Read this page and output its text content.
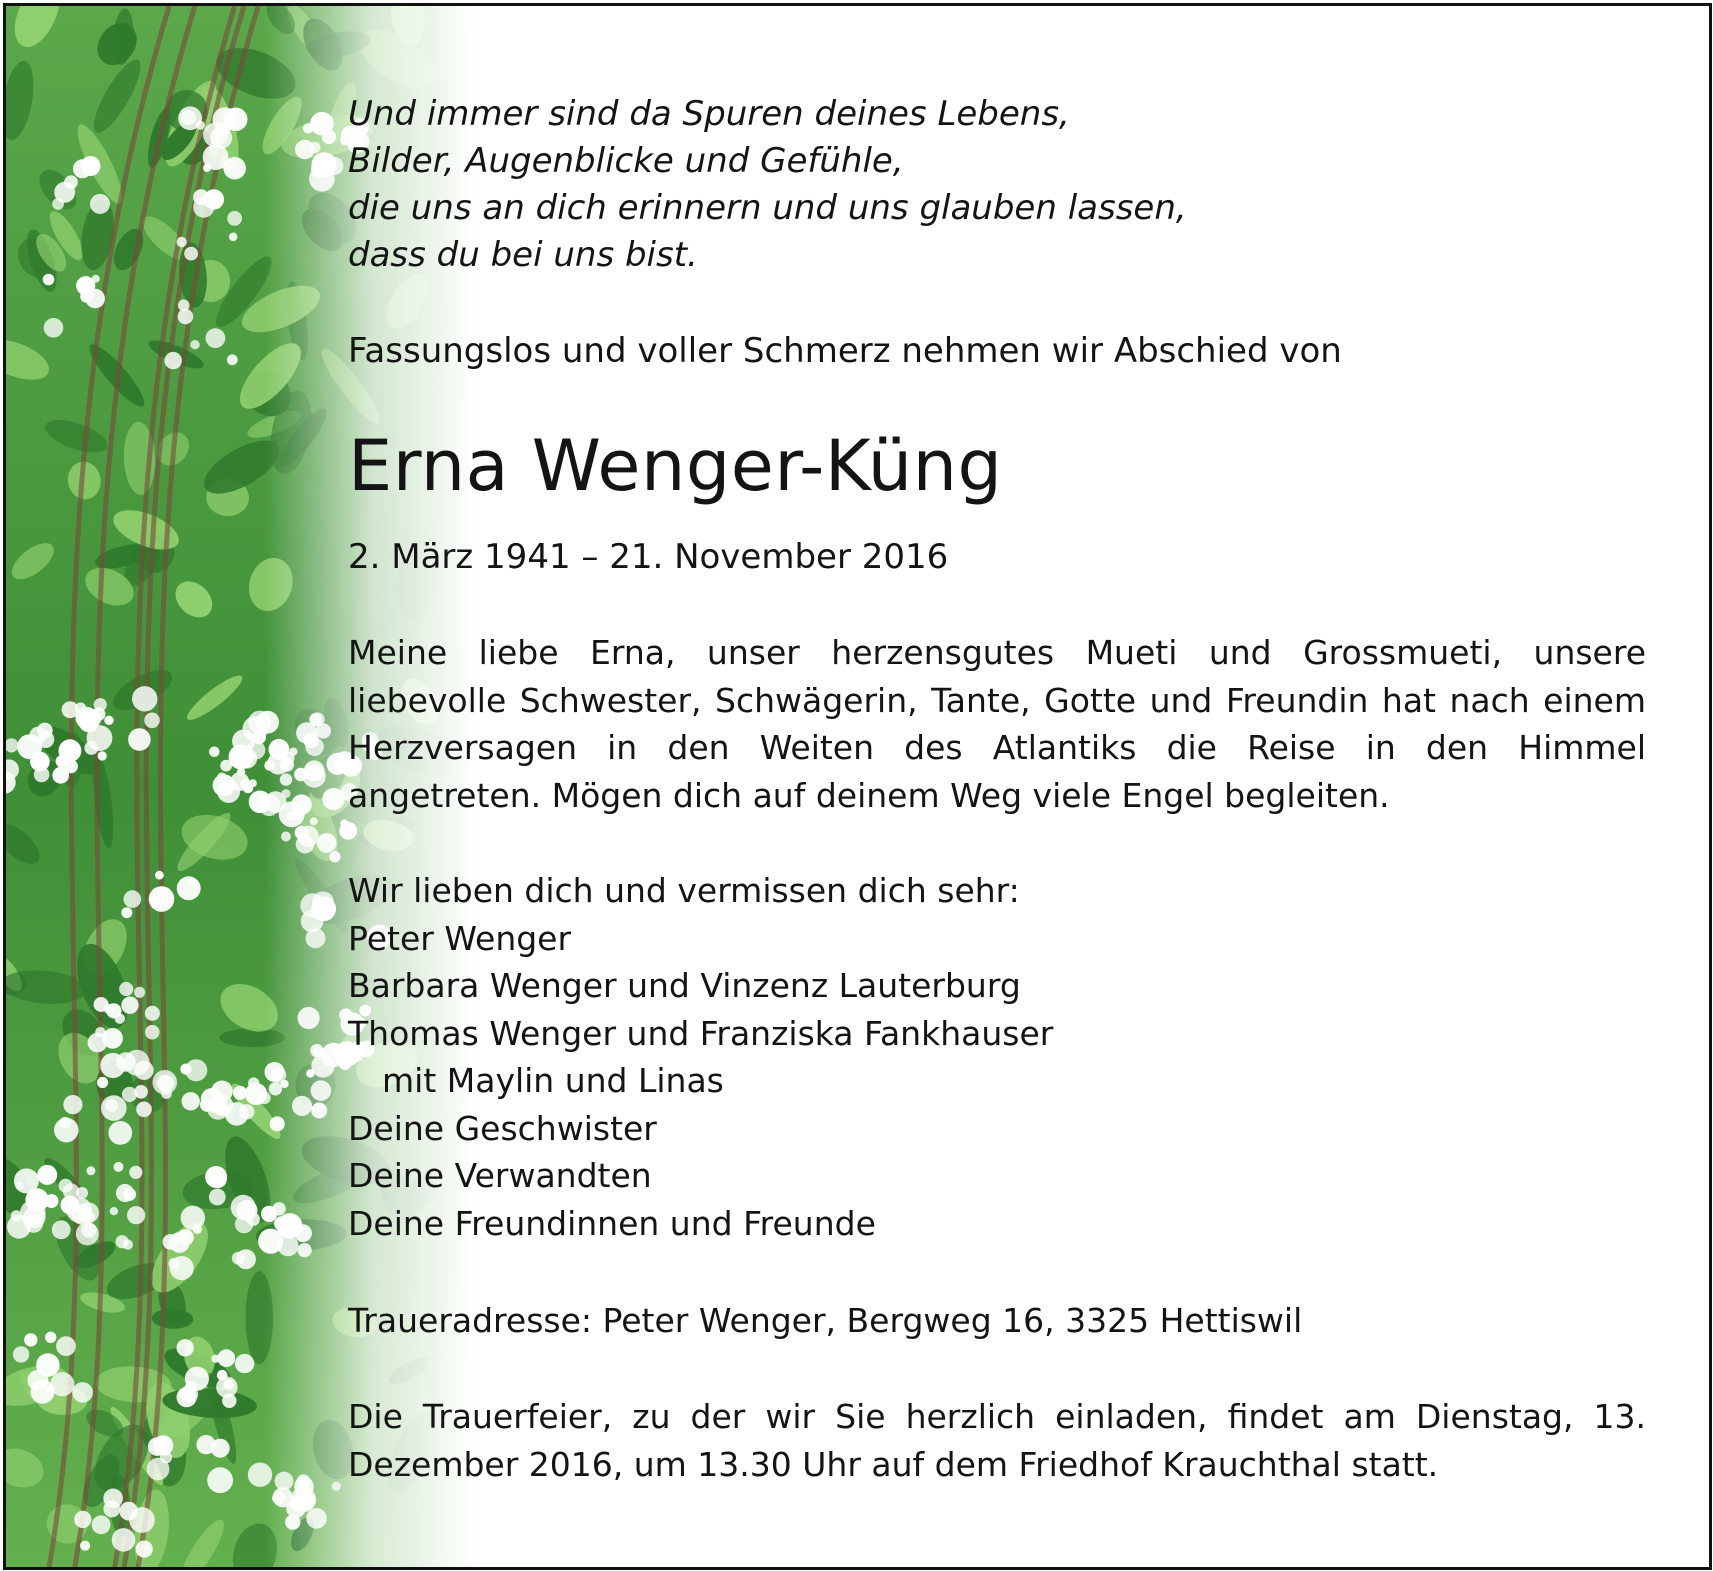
Und immer sind da Spuren deines Lebens,
Bilder, Augenblicke und Gefühle,
die uns an dich erinnern und uns glauben lassen,
dass du bei uns bist.
Fassungslos und voller Schmerz nehmen wir Abschied von
Erna Wenger-Küng
2. März 1941 – 21. November 2016
Meine liebe Erna, unser herzensgutes Mueti und Grossmueti, unsere liebevolle Schwester, Schwägerin, Tante, Gotte und Freundin hat nach einem Herzversagen in den Weiten des Atlantiks die Reise in den Himmel angetreten. Mögen dich auf deinem Weg viele Engel begleiten.
Wir lieben dich und vermissen dich sehr:
Peter Wenger
Barbara Wenger und Vinzenz Lauterburg
Thomas Wenger und Franziska Fankhauser
mit Maylin und Linas
Deine Geschwister
Deine Verwandten
Deine Freundinnen und Freunde
Traueradresse: Peter Wenger, Bergweg 16, 3325 Hettiswil
Die Trauerfeier, zu der wir Sie herzlich einladen, findet am Dienstag, 13. Dezember 2016, um 13.30 Uhr auf dem Friedhof Krauchthal statt.
